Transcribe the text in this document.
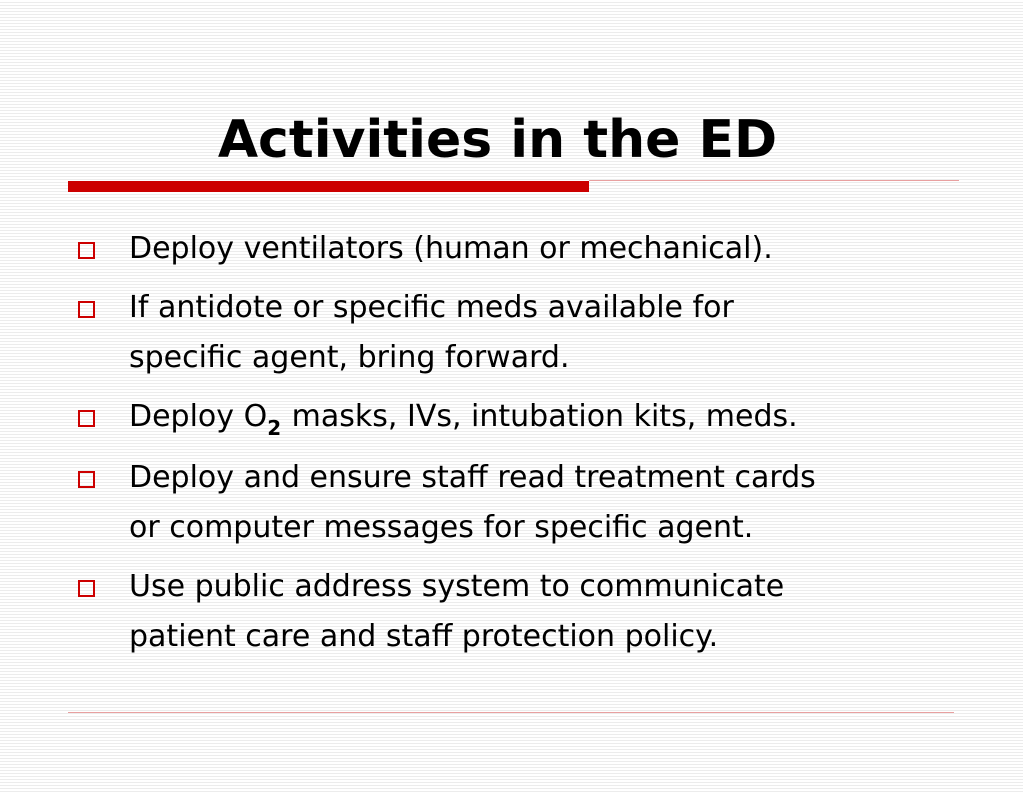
Activities in the ED
Deploy ventilators (human or mechanical).
If antidote or specific meds available for
specific agent, bring forward.
Deploy $O_2$ masks, IVs, intubation kits, meds.
Deploy and ensure staff read treatment cards
or computer messages for specific agent.
Use public address system to communicate
patient care and staff protection policy.
